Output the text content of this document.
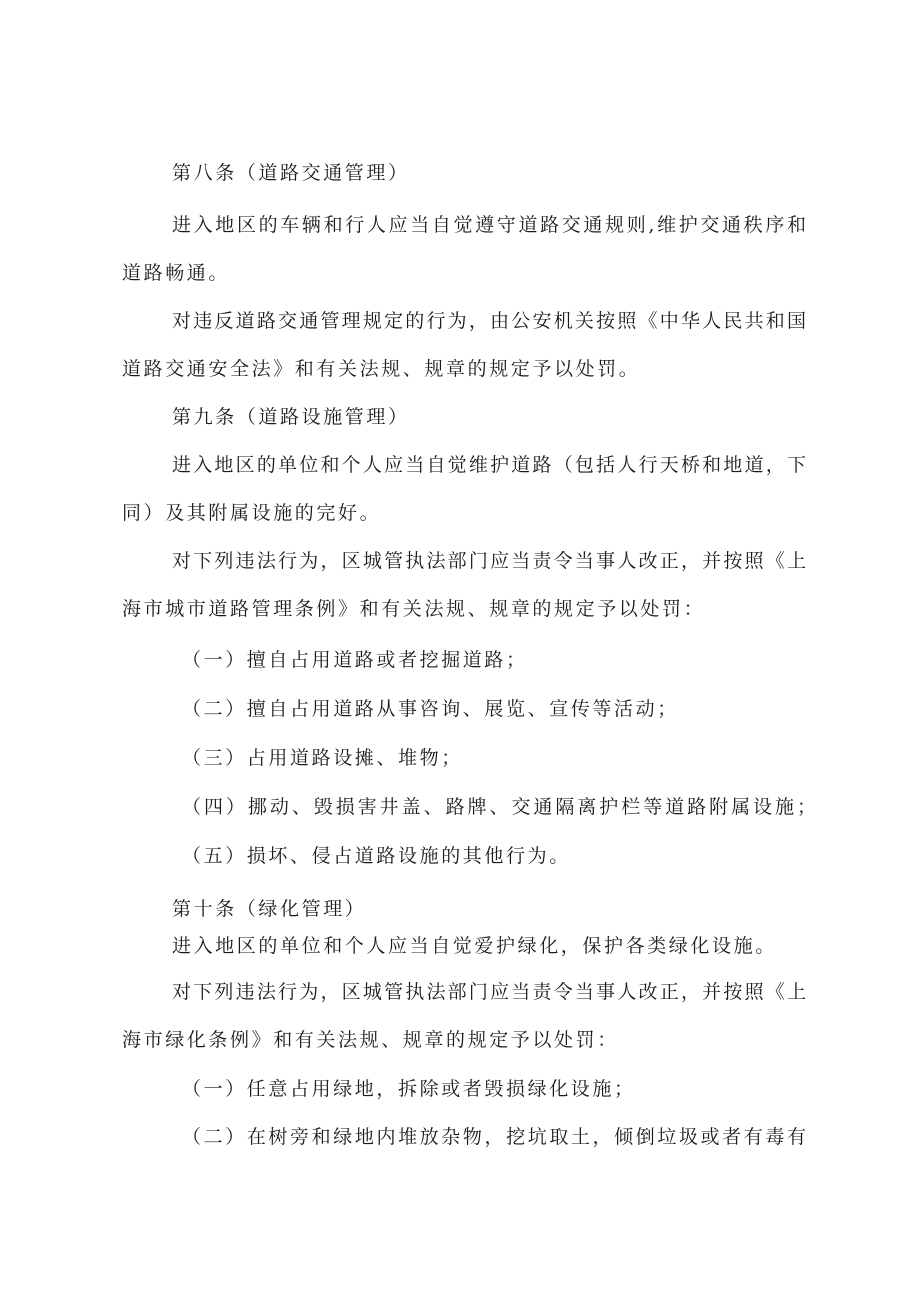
第八条（道路交通管理）
进入地区的车辆和行人应当自觉遵守道路交通规则,维护交通秩序和
道路畅通。
对违反道路交通管理规定的行为，由公安机关按照《中华人民共和国
道路交通安全法》和有关法规、规章的规定予以处罚。
第九条（道路设施管理）
进入地区的单位和个人应当自觉维护道路（包括人行天桥和地道，下
同）及其附属设施的完好。
对下列违法行为，区城管执法部门应当责令当事人改正，并按照《上
海市城市道路管理条例》和有关法规、规章的规定予以处罚：
（一）擅自占用道路或者挖掘道路；
（二）擅自占用道路从事咨询、展览、宣传等活动；
（三）占用道路设摊、堆物；
（四）挪动、毁损害井盖、路牌、交通隔离护栏等道路附属设施；
（五）损坏、侵占道路设施的其他行为。
第十条（绿化管理）
进入地区的单位和个人应当自觉爱护绿化，保护各类绿化设施。
对下列违法行为，区城管执法部门应当责令当事人改正，并按照《上
海市绿化条例》和有关法规、规章的规定予以处罚：
（一）任意占用绿地，拆除或者毁损绿化设施；
（二）在树旁和绿地内堆放杂物，挖坑取土，倾倒垃圾或者有毒有
